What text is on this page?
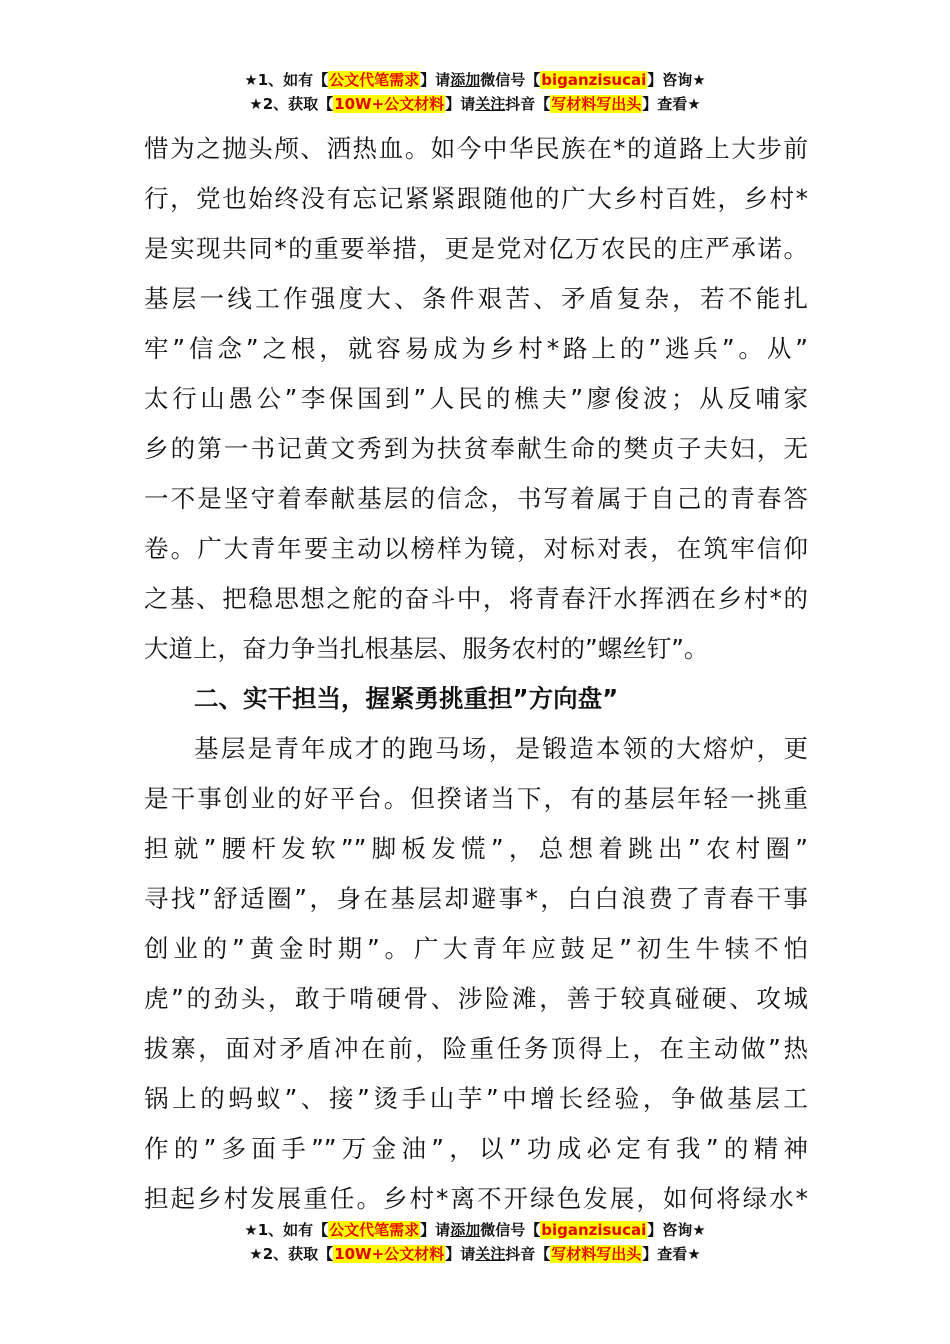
★1、如有【公文代笔需求】请添加微信号【biganzisucai】咨询★
★2、获取【10W+公文材料】请关注抖音【写材料写出头】查看★
惜为之抛头颅、洒热血。如今中华民族在*的道路上大步前
行，党也始终没有忘记紧紧跟随他的广大乡村百姓，乡村*
是实现共同*的重要举措，更是党对亿万农民的庄严承诺。
基层一线工作强度大、条件艰苦、矛盾复杂，若不能扎
牢”信念”之根，就容易成为乡村*路上的”逃兵”。从”
太行山愚公”李保国到”人民的樵夫”廖俊波；从反哺家
乡的第一书记黄文秀到为扶贫奉献生命的樊贞子夫妇，无
一不是坚守着奉献基层的信念，书写着属于自己的青春答
卷。广大青年要主动以榜样为镜，对标对表，在筑牢信仰
之基、把稳思想之舵的奋斗中，将青春汗水挥洒在乡村*的
大道上，奋力争当扎根基层、服务农村的”螺丝钉”。
二、实干担当，握紧勇挑重担”方向盘”
基层是青年成才的跑马场，是锻造本领的大熔炉，更
是干事创业的好平台。但揆诸当下，有的基层年轻一挑重
担就”腰杆发软””脚板发慌”，总想着跳出”农村圈”
寻找”舒适圈”，身在基层却避事*，白白浪费了青春干事
创业的”黄金时期”。广大青年应鼓足”初生牛犊不怕
虎”的劲头，敢于啃硬骨、涉险滩，善于较真碰硬、攻城
拔寨，面对矛盾冲在前，险重任务顶得上，在主动做”热
锅上的蚂蚁”、接”烫手山芋”中增长经验，争做基层工
作的”多面手””万金油”，以”功成必定有我”的精神
担起乡村发展重任。乡村*离不开绿色发展，如何将绿水*
★1、如有【公文代笔需求】请添加微信号【biganzisucai】咨询★
★2、获取【10W+公文材料】请关注抖音【写材料写出头】查看★
